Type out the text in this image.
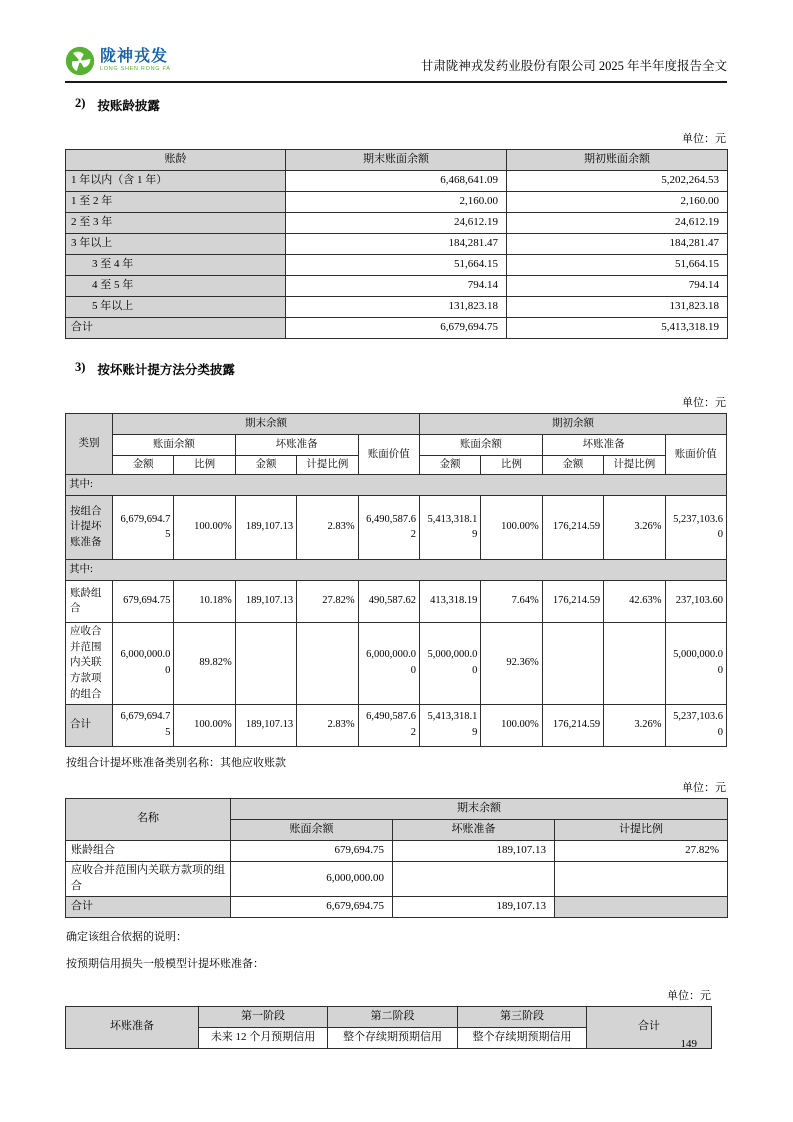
陇神戎发
LONG SHEN RONG FA	甘肃陇神戎发药业股份有限公司 2025 年半年度报告全文
2) 按账龄披露
单位：元
账龄	期末账面余额	期初账面余额
1 年以内（含 1 年）	6,468,641.09	5,202,264.53
1 至 2 年	2,160.00	2,160.00
2 至 3 年	24,612.19	24,612.19
3 年以上	184,281.47	184,281.47
3 至 4 年	51,664.15	51,664.15
4 至 5 年	794.14	794.14
5 年以上	131,823.18	131,823.18
合计	6,679,694.75	5,413,318.19
3) 按坏账计提方法分类披露
单位：元
类别	期末余额					期初余额				
	账面余额		坏账准备		账面价值	账面余额		坏账准备		账面价值
	金额	比例	金额	计提比例		金额	比例	金额	计提比例	
其中:										
按组合计提坏账准备	6,679,694.75	100.00%	189,107.13	2.83%	6,490,587.62	5,413,318.19	100.00%	176,214.59	3.26%	5,237,103.60
其中:										
账龄组合	679,694.75	10.18%	189,107.13	27.82%	490,587.62	413,318.19	7.64%	176,214.59	42.63%	237,103.60
应收合并范围内关联方款项的组合	6,000,000.00	89.82%			6,000,000.00	5,000,000.00	92.36%			5,000,000.00
合计	6,679,694.75	100.00%	189,107.13	2.83%	6,490,587.62	5,413,318.19	100.00%	176,214.59	3.26%	5,237,103.60
按组合计提坏账准备类别名称：其他应收账款
单位：元
名称	期末余额		
	账面余额	坏账准备	计提比例
账龄组合	679,694.75	189,107.13	27.82%
应收合并范围内关联方款项的组合	6,000,000.00		
合计	6,679,694.75	189,107.13	
确定该组合依据的说明：
按预期信用损失一般模型计提坏账准备：
单位：元
坏账准备	第一阶段	第二阶段	第三阶段	合计
	未来 12 个月预期信用	整个存续期预期信用	整个存续期预期信用	
149
